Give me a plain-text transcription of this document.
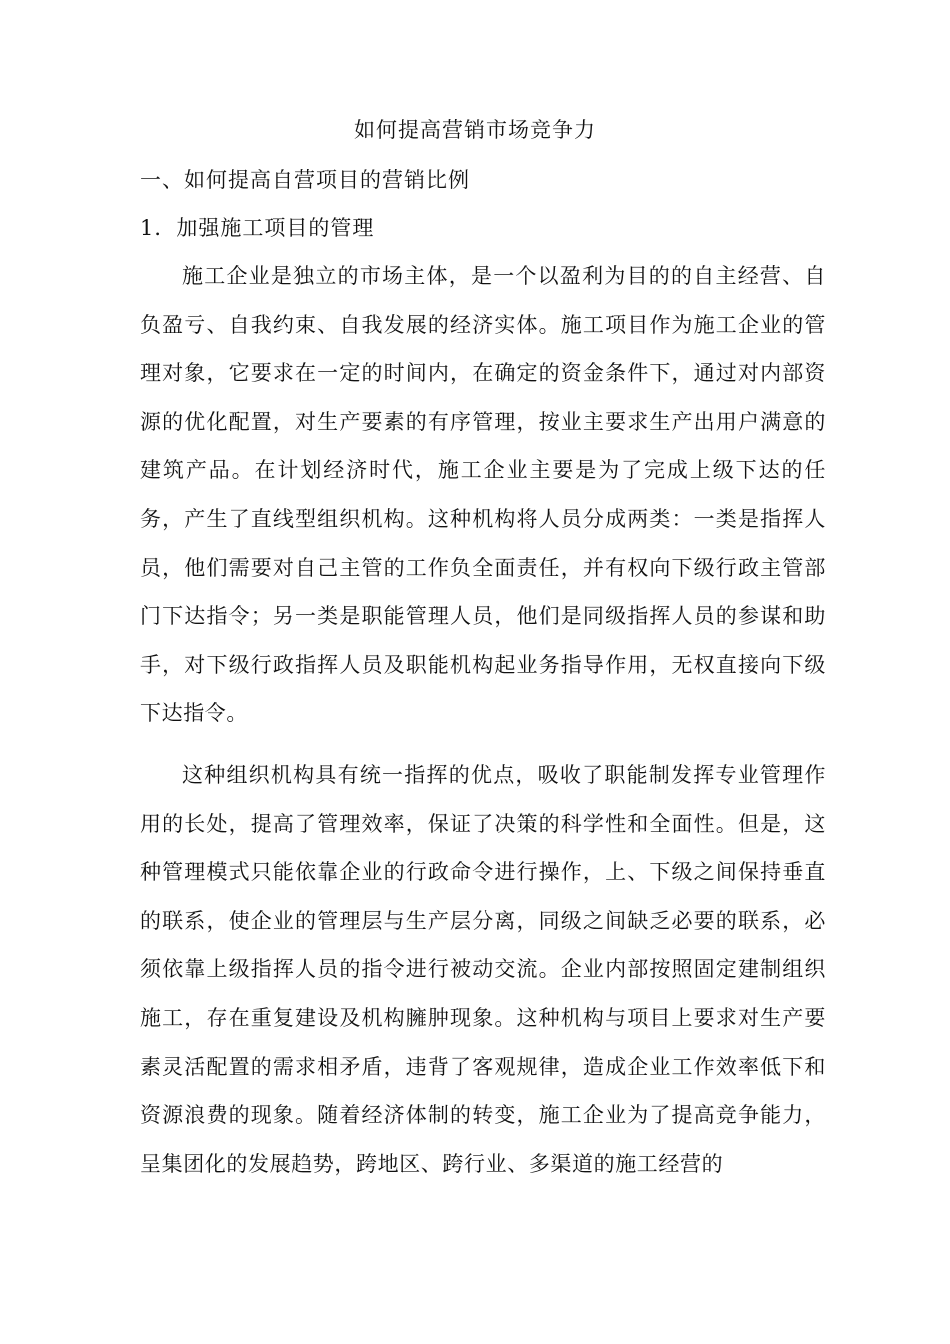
如何提高营销市场竞争力
一、如何提高自营项目的营销比例
1．加强施工项目的管理

施工企业是独立的市场主体，是一个以盈利为目的的自主经营、自负盈亏、自我约束、自我发展的经济实体。施工项目作为施工企业的管理对象，它要求在一定的时间内，在确定的资金条件下，通过对内部资源的优化配置，对生产要素的有序管理，按业主要求生产出用户满意的建筑产品。在计划经济时代，施工企业主要是为了完成上级下达的任务，产生了直线型组织机构。这种机构将人员分成两类：一类是指挥人员，他们需要对自己主管的工作负全面责任，并有权向下级行政主管部门下达指令；另一类是职能管理人员，他们是同级指挥人员的参谋和助手，对下级行政指挥人员及职能机构起业务指导作用，无权直接向下级下达指令。

这种组织机构具有统一指挥的优点，吸收了职能制发挥专业管理作用的长处，提高了管理效率，保证了决策的科学性和全面性。但是，这种管理模式只能依靠企业的行政命令进行操作，上、下级之间保持垂直的联系，使企业的管理层与生产层分离，同级之间缺乏必要的联系，必须依靠上级指挥人员的指令进行被动交流。企业内部按照固定建制组织施工，存在重复建设及机构臃肿现象。这种机构与项目上要求对生产要素灵活配置的需求相矛盾，违背了客观规律，造成企业工作效率低下和资源浪费的现象。随着经济体制的转变，施工企业为了提高竞争能力，呈集团化的发展趋势，跨地区、跨行业、多渠道的施工经营的
